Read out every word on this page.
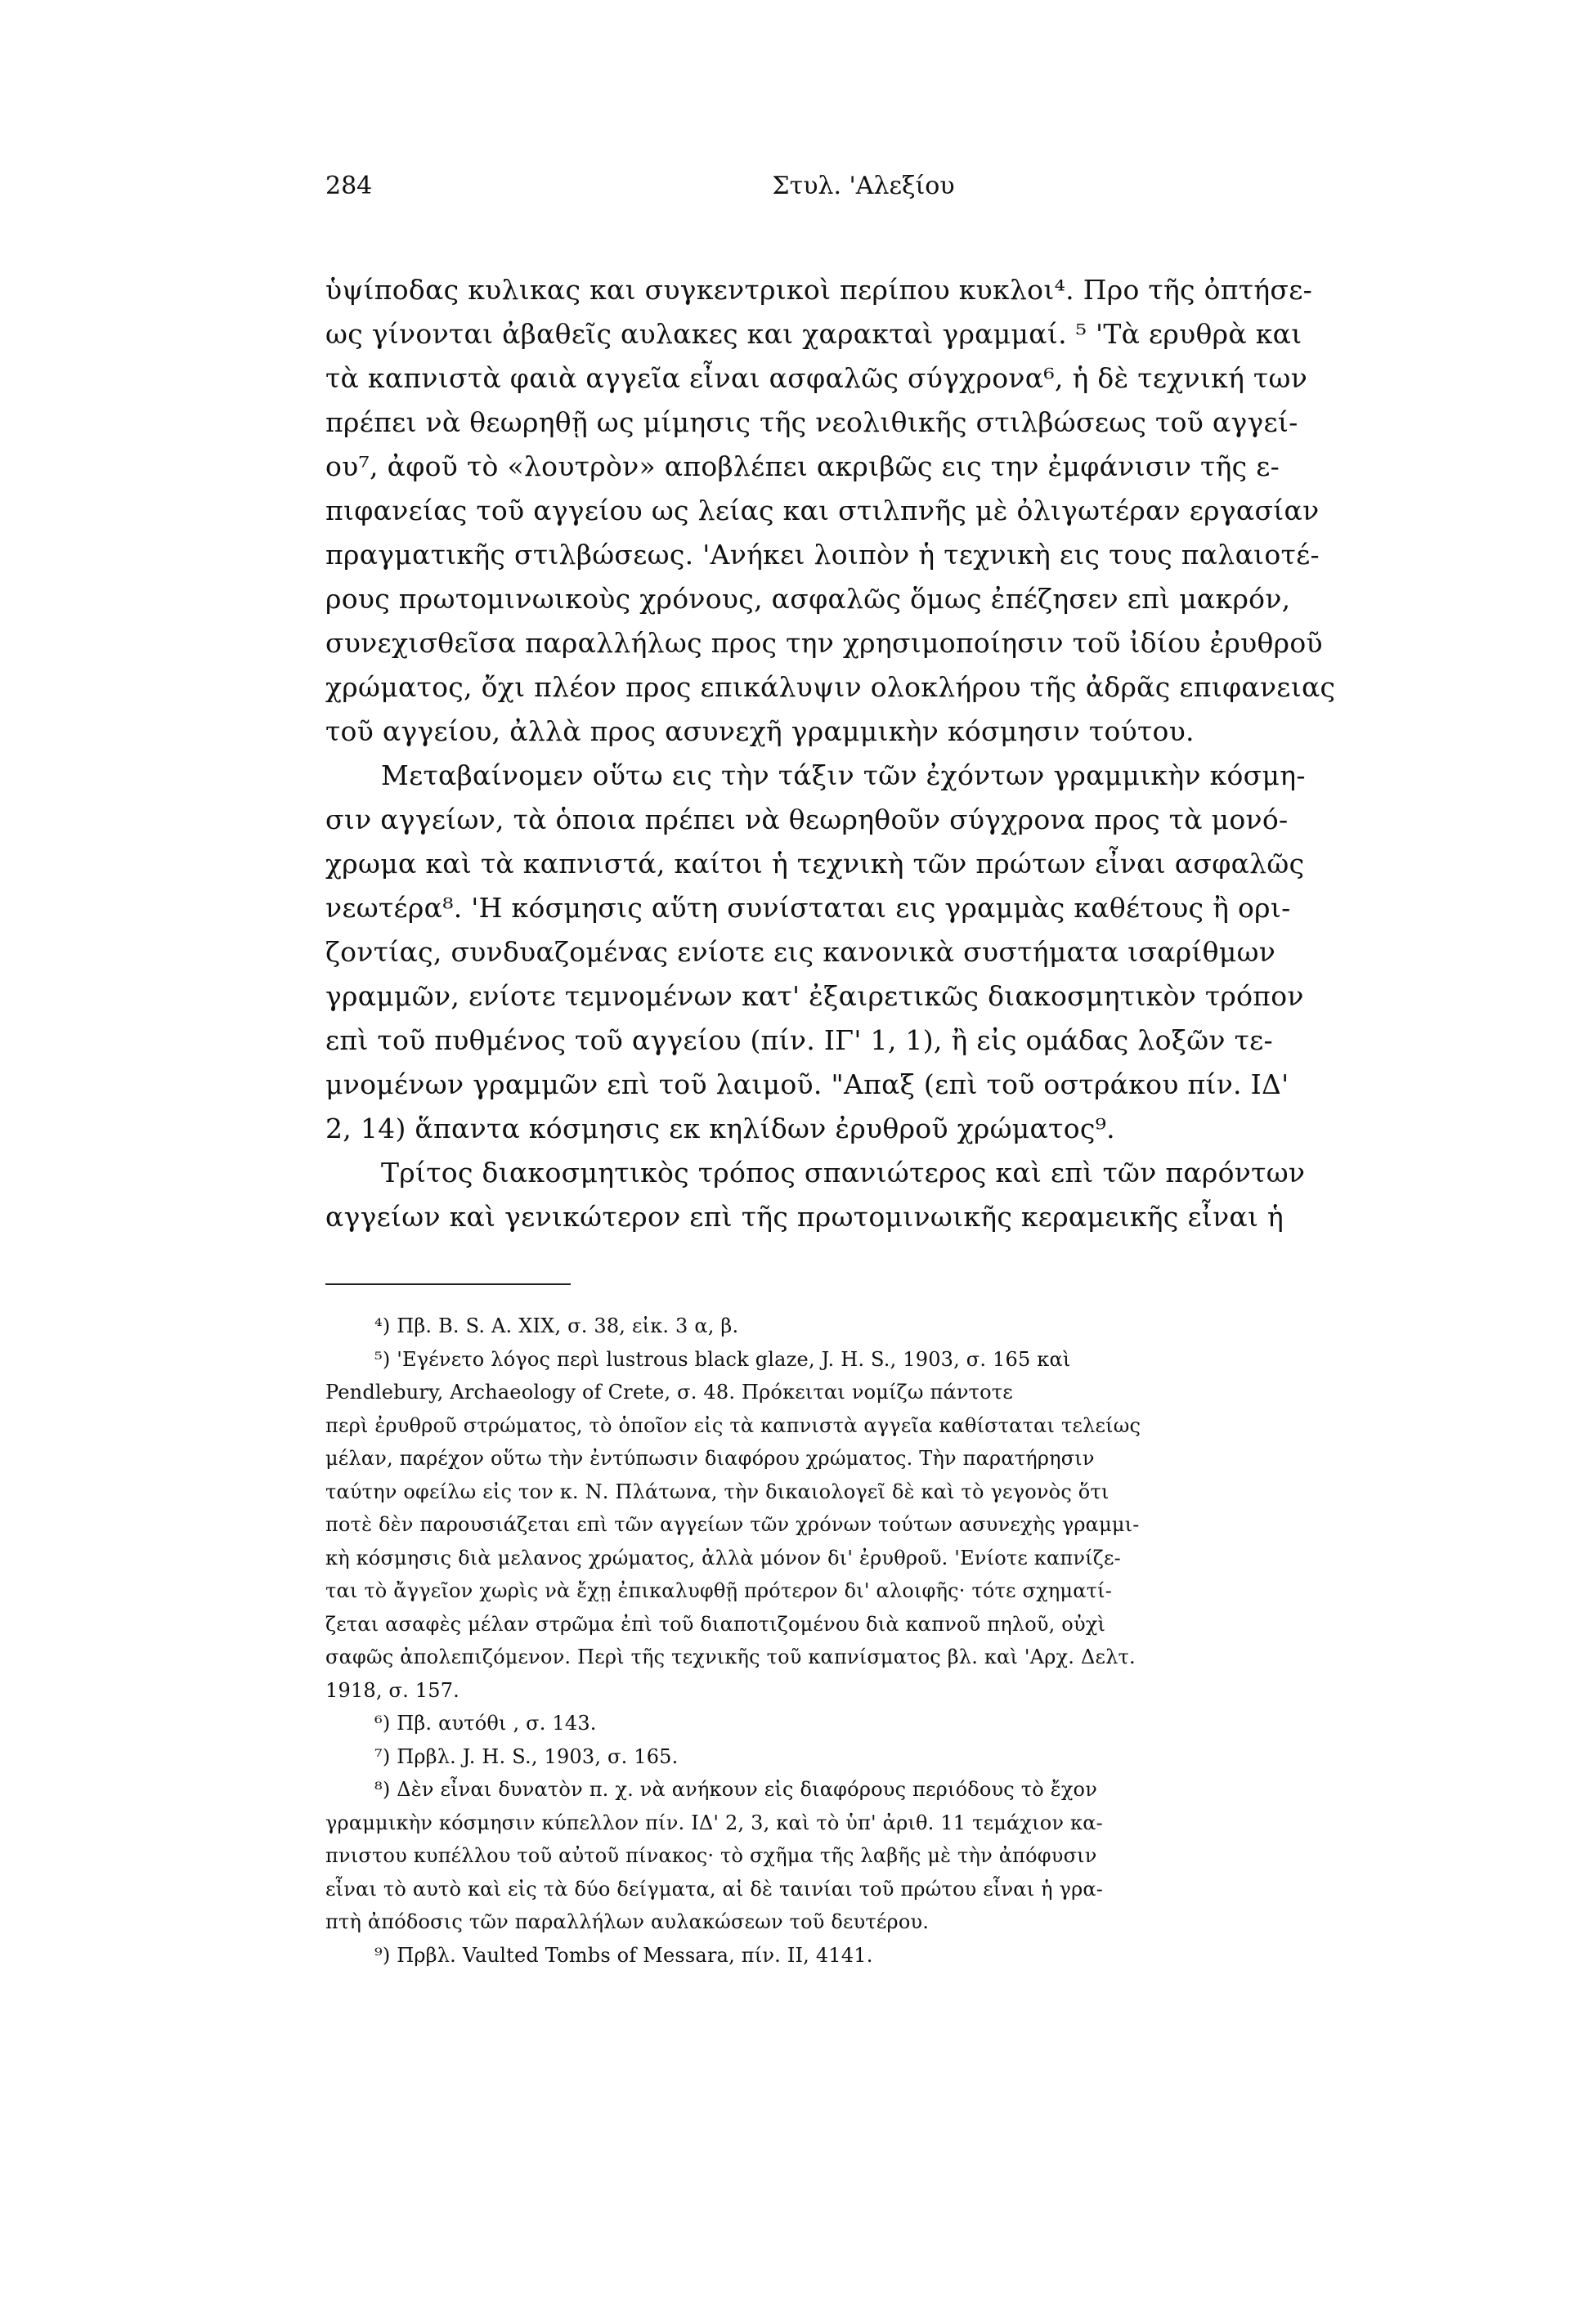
284	Στυλ. 'Αλεξίου
ὑψίποδας κυλικας και συγκεντρικοὶ περίπου κυκλοι⁴. Προ τῆς ὀπτήσε-
ως γίνονται ἀβαθεῖς αυλακες και χαρακταὶ γραμμαί. ⁵ 'Τὰ ερυθρὰ και
τὰ καπνιστὰ φαιὰ αγγεῖα εἶναι ασφαλῶς σύγχρονα⁶, ἡ δὲ τεχνική των
πρέπει νὰ θεωρηθῇ ως μίμησις τῆς νεολιθικῆς στιλβώσεως τοῦ αγγεί-
ου⁷, ἀφοῦ τὸ «λουτρὸν» αποβλέπει ακριβῶς εις την ἐμφάνισιν τῆς ε-
πιφανείας τοῦ αγγείου ως λείας και στιλπνῆς μὲ ὀλιγωτέραν εργασίαν
πραγματικῆς στιλβώσεως. 'Ανήκει λοιπὸν ἡ τεχνικὴ εις τους παλαιοτέ-
ρους πρωτομινωικοὺς χρόνους, ασφαλῶς ὅμως ἐπέζησεν επὶ μακρόν,
συνεχισθεῖσα παραλλήλως προς την χρησιμοποίησιν τοῦ ἰδίου ἐρυθροῦ
χρώματος, ὄχι πλέον προς επικάλυψιν ολοκλήρου τῆς ἀδρᾶς επιφανειας
τοῦ αγγείου, ἀλλὰ προς ασυνεχῆ γραμμικὴν κόσμησιν τούτου.
Μεταβαίνομεν οὕτω εις τὴν τάξιν τῶν ἐχόντων γραμμικὴν κόσμη-
σιν αγγείων, τὰ ὁποια πρέπει νὰ θεωρηθοῦν σύγχρονα προς τὰ μονό-
χρωμα καὶ τὰ καπνιστά, καίτοι ἡ τεχνικὴ τῶν πρώτων εἶναι ασφαλῶς
νεωτέρα⁸. 'Η κόσμησις αὕτη συνίσταται εις γραμμὰς καθέτους ἢ ορι-
ζοντίας, συνδυαζομένας ενίοτε εις κανονικὰ συστήματα ισαρίθμων
γραμμῶν, ενίοτε τεμνομένων κατ' ἐξαιρετικῶς διακοσμητικὸν τρόπον
επὶ τοῦ πυθμένος τοῦ αγγείου (πίν. ΙΓ' 1, 1), ἢ εἰς ομάδας λοξῶν τε-
μνομένων γραμμῶν επὶ τοῦ λαιμοῦ. "Απαξ (επὶ τοῦ οστράκου πίν. ΙΔ'
2, 14) ἅπαντα κόσμησις εκ κηλίδων ἐρυθροῦ χρώματος⁹.
Τρίτος διακοσμητικὸς τρόπος σπανιώτερος καὶ επὶ τῶν παρόντων
αγγείων καὶ γενικώτερον επὶ τῆς πρωτομινωικῆς κεραμεικῆς εἶναι ἡ
⁴) Πβ. Β. S. Α. ΧΙΧ, σ. 38, εἰκ. 3 α, β.
⁵) 'Εγένετο λόγος περὶ lustrous black glaze, J. H. S., 1903, σ. 165 καὶ
Pendlebury, Archaeology of Crete, σ. 48. Πρόκειται νομίζω πάντοτε
περὶ ἐρυθροῦ στρώματος, τὸ ὁποῖον εἰς τὰ καπνιστὰ αγγεῖα καθίσταται τελείως
μέλαν, παρέχον οὕτω τὴν ἐντύπωσιν διαφόρου χρώματος. Τὴν παρατήρησιν
ταύτην οφείλω εἰς τον κ. Ν. Πλάτωνα, τὴν δικαιολογεῖ δὲ καὶ τὸ γεγονὸς ὅτι
ποτὲ δὲν παρουσιάζεται επὶ τῶν αγγείων τῶν χρόνων τούτων ασυνεχὴς γραμμι-
κὴ κόσμησις διὰ μελανος χρώματος, ἀλλὰ μόνον δι' ἐρυθροῦ. 'Ενίοτε καπνίζε-
ται τὸ ἄγγεῖον χωρὶς νὰ ἔχῃ ἐπικαλυφθῇ πρότερον δι' αλοιφῆς· τότε σχηματί-
ζεται ασαφὲς μέλαν στρῶμα ἐπὶ τοῦ διαποτιζομένου διὰ καπνοῦ πηλοῦ, οὐχὶ
σαφῶς ἀπολεπιζόμενον. Περὶ τῆς τεχνικῆς τοῦ καπνίσματος βλ. καὶ 'Αρχ. Δελτ.
1918, σ. 157.
⁶) Πβ. αυτόθι , σ. 143.
⁷) Πρβλ. J. H. S., 1903, σ. 165.
⁸) Δὲν εἶναι δυνατὸν π. χ. νὰ ανήκουν εἰς διαφόρους περιόδους τὸ ἔχον
γραμμικὴν κόσμησιν κύπελλον πίν. ΙΔ' 2, 3, καὶ τὸ ὑπ' ἀριθ. 11 τεμάχιον κα-
πνιστου κυπέλλου τοῦ αὐτοῦ πίνακος· τὸ σχῆμα τῆς λαβῆς μὲ τὴν ἀπόφυσιν
εἶναι τὸ αυτὸ καὶ εἰς τὰ δύο δείγματα, αἱ δὲ ταινίαι τοῦ πρώτου εἶναι ἡ γρα-
πτὴ ἀπόδοσις τῶν παραλλήλων αυλακώσεων τοῦ δευτέρου.
⁹) Πρβλ. Vaulted Tombs of Messara, πίν. II, 4141.
